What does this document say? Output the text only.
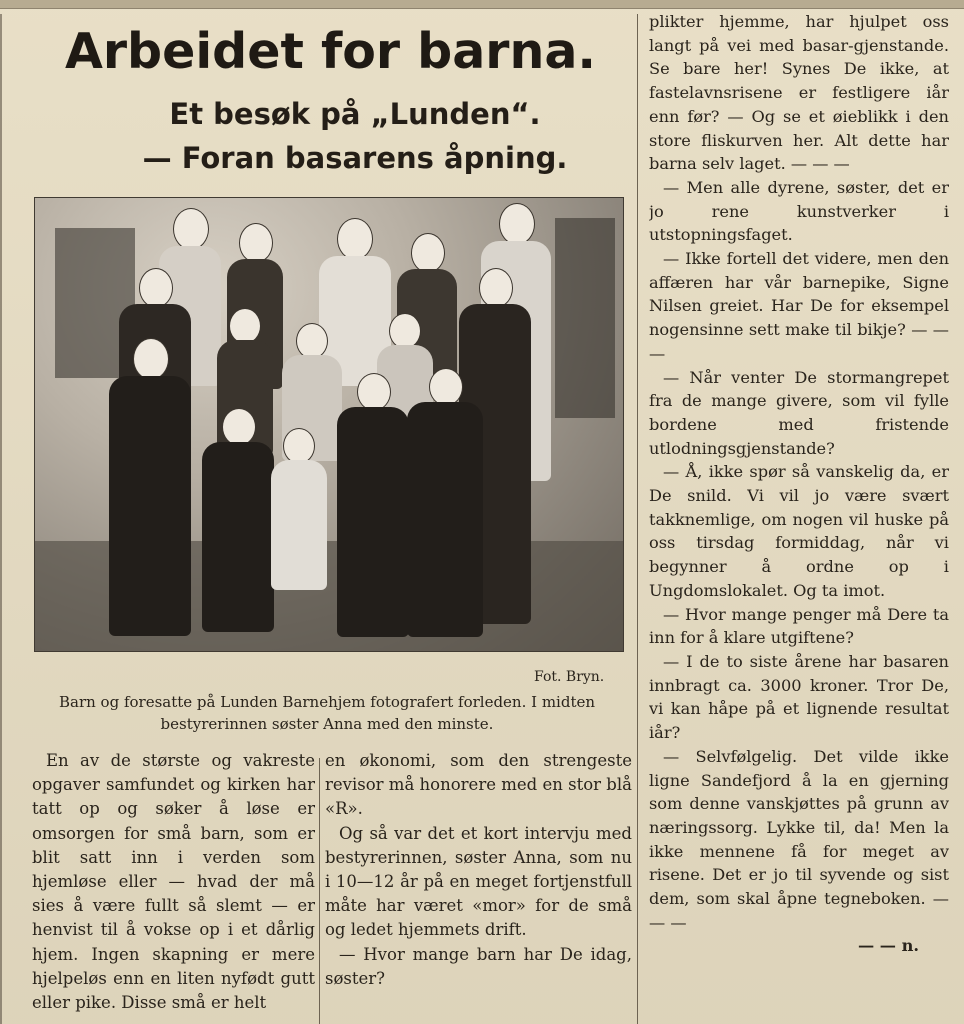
Arbeidet for barna.
Et besøk på „Lunden“.
— Foran basarens åpning.
Fot. Bryn.
Barn og foresatte på Lunden Barnehjem fotografert forleden. I midten bestyrerinnen søster Anna med den minste.

En av de største og vakreste opgaver samfundet og kirken har tatt op og søker å løse er omsorgen for små barn, som er blit satt inn i verden som hjemløse eller — hvad der må sies å være fullt så slemt — er henvist til å vokse op i et dårlig hjem. Ingen skapning er mere hjelpeløs enn en liten nyfødt gutt eller pike. Disse små er helt

en økonomi, som den strengeste revisor må honorere med en stor blå «R».

Og så var det et kort intervju med bestyrerinnen, søster Anna, som nu i 10—12 år på en meget fortjenstfull måte har været «mor» for de små og ledet hjemmets drift.

— Hvor mange barn har De idag, søster?

plikter hjemme, har hjulpet oss langt på vei med basar-gjenstande. Se bare her! Synes De ikke, at fastelavnsrisene er festligere iår enn før? — Og se et øieblikk i den store fliskurven her. Alt dette har barna selv laget. — — —

— Men alle dyrene, søster, det er jo rene kunstverker i utstopningsfaget.

— Ikke fortell det videre, men den affæren har vår barnepike, Signe Nilsen greiet. Har De for eksempel nogensinne sett make til bikje? — — —

— Når venter De stormangrepet fra de mange givere, som vil fylle bordene med fristende utlodningsgjenstande?

— Å, ikke spør så vanskelig da, er De snild. Vi vil jo være svært takknemlige, om nogen vil huske på oss tirsdag formiddag, når vi begynner å ordne op i Ungdomslokalet. Og ta imot.

— Hvor mange penger må Dere ta inn for å klare utgiftene?

— I de to siste årene har basaren innbragt ca. 3000 kroner. Tror De, vi kan håpe på et lignende resultat iår?

— Selvfølgelig. Det vilde ikke ligne Sandefjord å la en gjerning som denne vanskjøttes på grunn av næringssorg. Lykke til, da! Men la ikke mennene få for meget av risene. Det er jo til syvende og sist dem, som skal åpne tegneboken. — — —

— — n.
